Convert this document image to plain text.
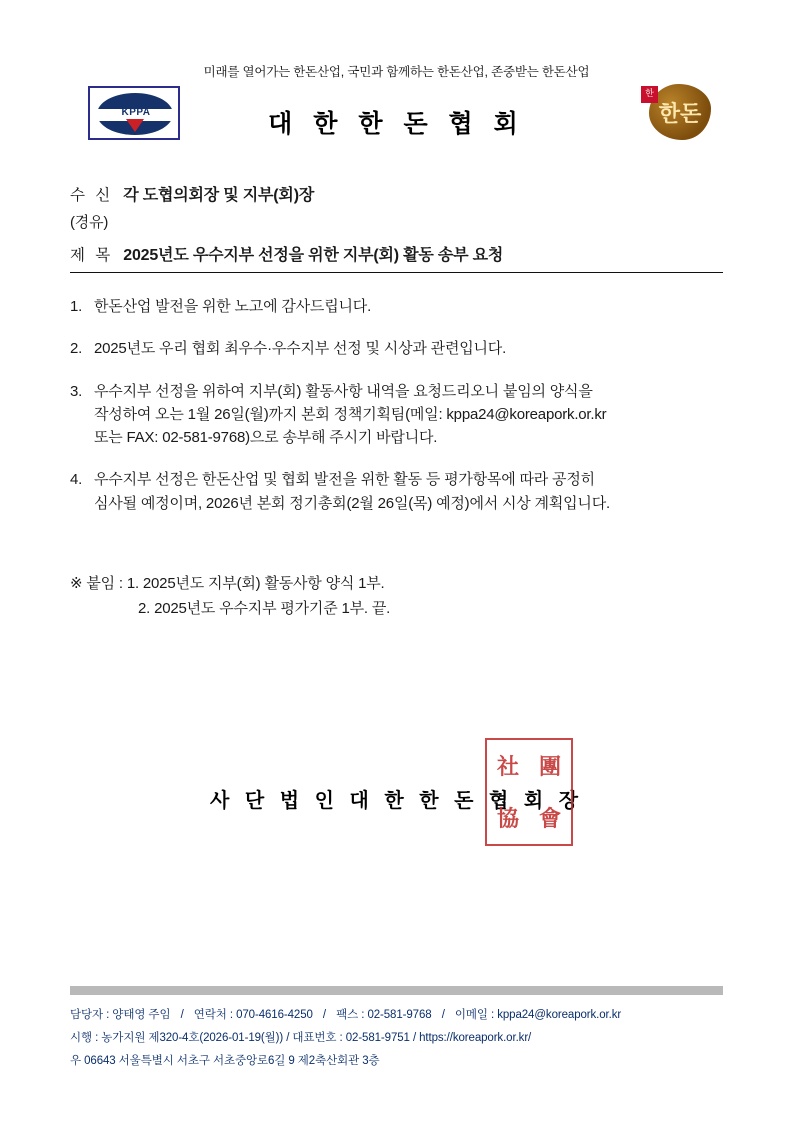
미래를 열어가는 한돈산업, 국민과 함께하는 한돈산업, 존중받는 한돈산업
KPPA	대 한 한 돈 협 회	한돈
한
수 신 각 도협의회장 및 지부(회)장
(경유)
제 목 2025년도 우수지부 선정을 위한 지부(회) 활동 송부 요청
1. 한돈산업 발전을 위한 노고에 감사드립니다.
2. 2025년도 우리 협회 최우수·우수지부 선정 및 시상과 관련입니다.
3. 우수지부 선정을 위하여 지부(회) 활동사항 내역을 요청드리오니 붙임의 양식을
작성하여 오는 1월 26일(월)까지 본회 정책기획팀(메일: kppa24@koreapork.or.kr
또는 FAX: 02-581-9768)으로 송부해 주시기 바랍니다.
4. 우수지부 선정은 한돈산업 및 협회 발전을 위한 활동 등 평가항목에 따라 공정히
심사될 예정이며, 2026년 본회 정기총회(2월 26일(목) 예정)에서 시상 계획입니다.
※ 붙임 : 1. 2025년도 지부(회) 활동사항 양식 1부.
2. 2025년도 우수지부 평가기준 1부. 끝.
사 단 법 인 대 한 한 돈 협 회 장
社 團
協 會
담당자 : 양태영 주임 / 연락처 : 070-4616-4250 / 팩스 : 02-581-9768 / 이메일 : kppa24@koreapork.or.kr
시행 : 농가지원 제320-4호(2026-01-19(월)) / 대표번호 : 02-581-9751 / https://koreapork.or.kr/
우 06643 서울특별시 서초구 서초중앙로6길 9 제2축산회관 3층
